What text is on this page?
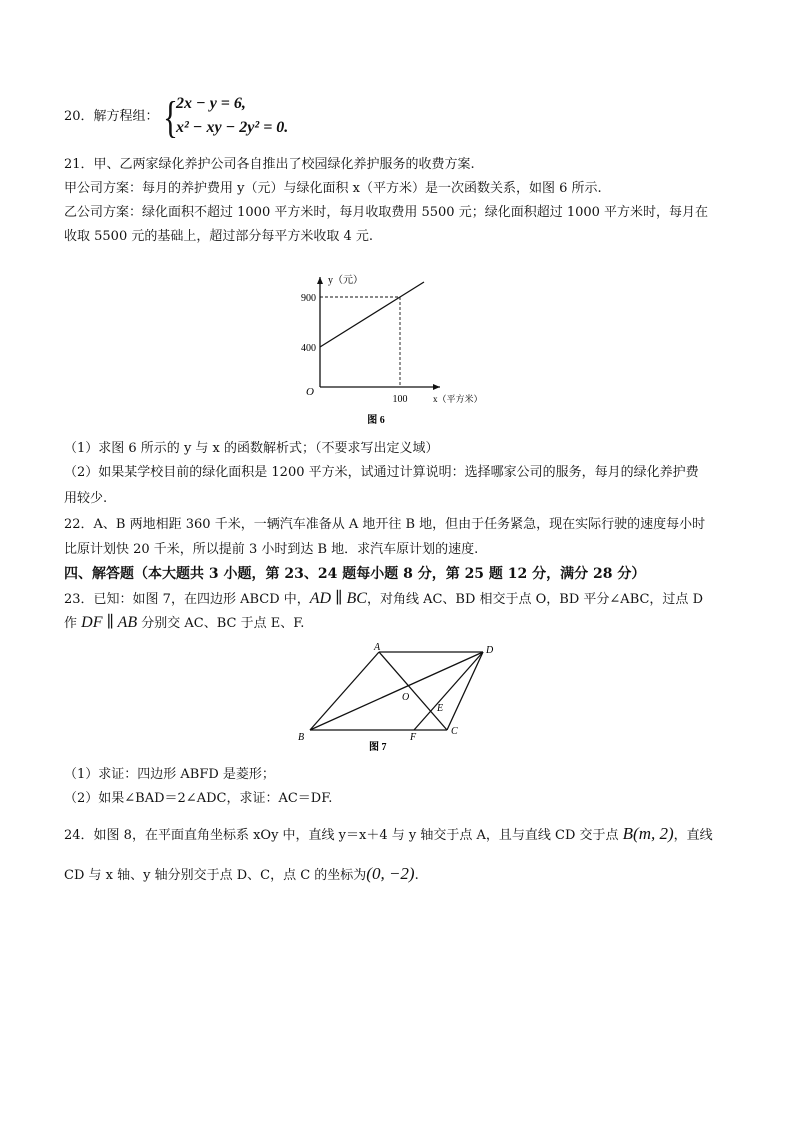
20．解方程组： {
2x − y = 6,
x² − xy − 2y² = 0.
21．甲、乙两家绿化养护公司各自推出了校园绿化养护服务的收费方案.
甲公司方案：每月的养护费用 y（元）与绿化面积 x（平方米）是一次函数关系，如图 6 所示.
乙公司方案：绿化面积不超过 1000 平方米时，每月收取费用 5500 元；绿化面积超过 1000 平方米时，每月在
收取 5500 元的基础上，超过部分每平方米收取 4 元.
900
400
100
O
y（元）
x（平方米）
图 6
（1）求图 6 所示的 y 与 x 的函数解析式；（不要求写出定义域）
（2）如果某学校目前的绿化面积是 1200 平方米，试通过计算说明：选择哪家公司的服务，每月的绿化养护费
用较少.
22．A、B 两地相距 360 千米，一辆汽车准备从 A 地开往 B 地，但由于任务紧急，现在实际行驶的速度每小时
比原计划快 20 千米，所以提前 3 小时到达 B 地．求汽车原计划的速度.
四、解答题（本大题共 3 小题，第 23、24 题每小题 8 分，第 25 题 12 分，满分 28 分）
23．已知：如图 7，在四边形 ABCD 中，AD ∥ BC，对角线 AC、BD 相交于点 O，BD 平分∠ABC，过点 D
作 DF ∥ AB 分别交 AC、BC 于点 E、F.
A	D
O
E
B	F
C
图 7
（1）求证：四边形 ABFD 是菱形；
（2）如果∠BAD＝2∠ADC，求证：AC＝DF.
24．如图 8，在平面直角坐标系 xOy 中，直线 y＝x＋4 与 y 轴交于点 A，且与直线 CD 交于点 B(m, 2)，直线
CD 与 x 轴、y 轴分别交于点 D、C，点 C 的坐标为(0, −2).
